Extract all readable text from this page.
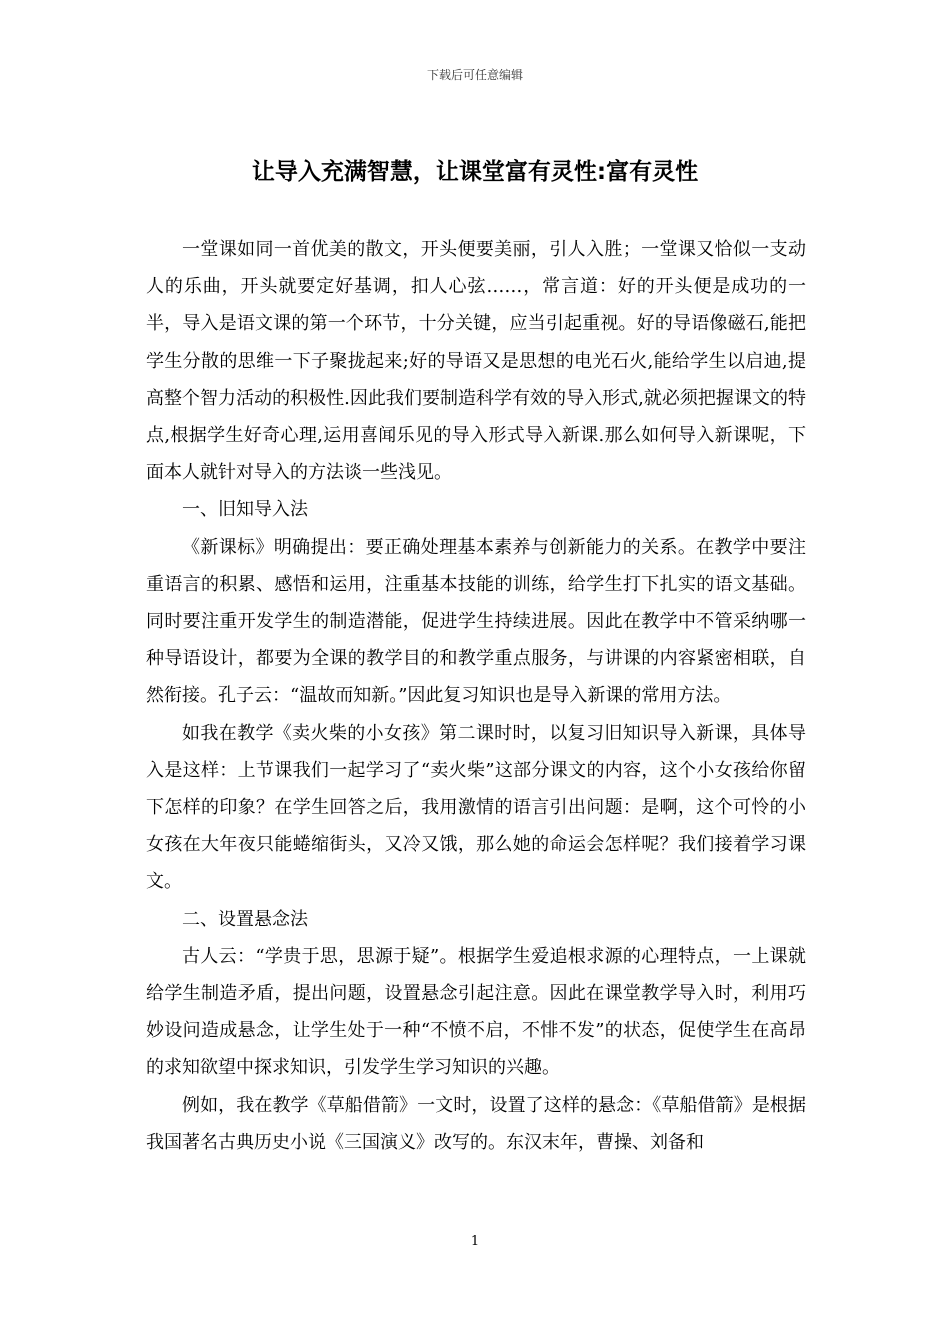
下载后可任意编辑
让导入充满智慧，让课堂富有灵性:富有灵性

一堂课如同一首优美的散文，开头便要美丽，引人入胜；一堂课又恰似一支动人的乐曲，开头就要定好基调，扣人心弦……，常言道：好的开头便是成功的一半，导入是语文课的第一个环节，十分关键，应当引起重视。好的导语像磁石,能把学生分散的思维一下子聚拢起来;好的导语又是思想的电光石火,能给学生以启迪,提高整个智力活动的积极性.因此我们要制造科学有效的导入形式,就必须把握课文的特点,根据学生好奇心理,运用喜闻乐见的导入形式导入新课.那么如何导入新课呢，下面本人就针对导入的方法谈一些浅见。

一、旧知导入法

《新课标》明确提出：要正确处理基本素养与创新能力的关系。在教学中要注重语言的积累、感悟和运用，注重基本技能的训练，给学生打下扎实的语文基础。同时要注重开发学生的制造潜能，促进学生持续进展。因此在教学中不管采纳哪一种导语设计，都要为全课的教学目的和教学重点服务，与讲课的内容紧密相联，自然衔接。孔子云：“温故而知新。”因此复习知识也是导入新课的常用方法。

如我在教学《卖火柴的小女孩》第二课时时，以复习旧知识导入新课，具体导入是这样：上节课我们一起学习了“卖火柴”这部分课文的内容，这个小女孩给你留下怎样的印象？在学生回答之后，我用激情的语言引出问题：是啊，这个可怜的小女孩在大年夜只能蜷缩街头，又冷又饿，那么她的命运会怎样呢？我们接着学习课文。

二、设置悬念法

古人云：“学贵于思，思源于疑”。根据学生爱追根求源的心理特点，一上课就给学生制造矛盾，提出问题，设置悬念引起注意。因此在课堂教学导入时，利用巧妙设问造成悬念，让学生处于一种“不愤不启，不悱不发”的状态，促使学生在高昂的求知欲望中探求知识，引发学生学习知识的兴趣。

例如，我在教学《草船借箭》一文时，设置了这样的悬念：《草船借箭》是根据我国著名古典历史小说《三国演义》改写的。东汉末年，曹操、刘备和

1
